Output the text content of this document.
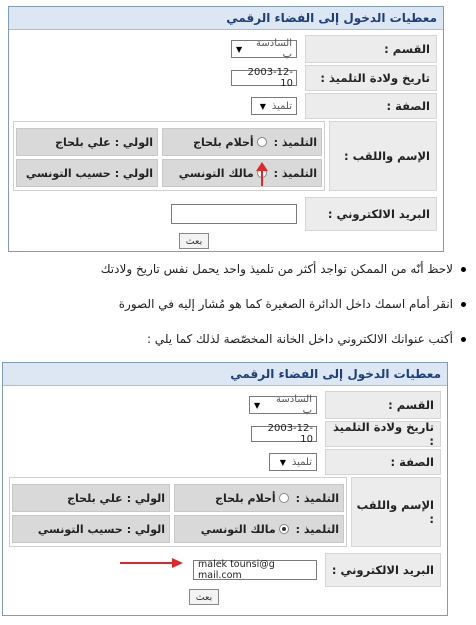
معطيات الدخول إلى الفضاء الرقمي
القسم :
السادسة ب
▼
تاريخ ولادة التلميذ :
2003-12-10
الصفة :
تلميذ
▼
الإسم واللقب :
التلميذ :
أحلام بلحاج
الولي :
علي بلحاج
التلميذ :
مالك التونسي
الولي :
حسيب التونسي
البريد الالكتروني :
بعث
لاحظ أنّه من الممكن تواجد أكثر من تلميذ واحد يحمل نفس تاريخ ولادتك
انقر أمام اسمك داخل الدائرة الصغيرة كما هو مُشار إليه في الصورة
أكتب عنوانك الالكتروني داخل الخانة المخصّصة لذلك كما يلي :
معطيات الدخول إلى الفضاء الرقمي
القسم :
السادسة ب
▼
تاريخ ولادة التلميذ :
2003-12-10
الصفة :
تلميذ
▼
الإسم واللقب :
التلميذ :
أحلام بلحاج
الولي :
علي بلحاج
التلميذ :
مالك التونسي
الولي :
حسيب التونسي
البريد الالكتروني :
malek tounsi@g mail.com
بعث
